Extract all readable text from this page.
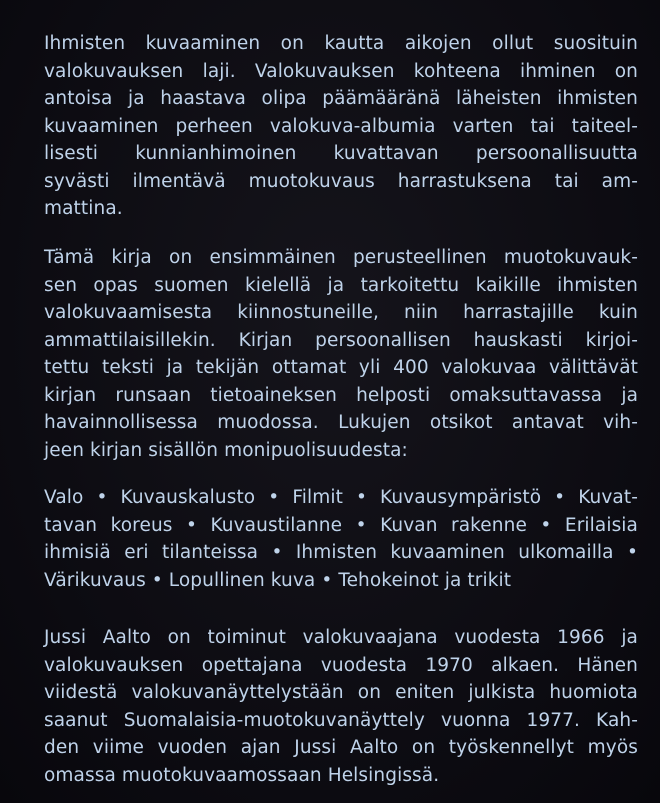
Ihmisten kuvaaminen on kautta aikojen ollut suosituin
valokuvauksen laji. Valokuvauksen kohteena ihminen on
antoisa ja haastava olipa päämääränä läheisten ihmisten
kuvaaminen perheen valokuva-albumia varten tai taiteel-
lisesti kunnianhimoinen kuvattavan persoonallisuutta
syvästi ilmentävä muotokuvaus harrastuksena tai am-
mattina.
Tämä kirja on ensimmäinen perusteellinen muotokuvauk-
sen opas suomen kielellä ja tarkoitettu kaikille ihmisten
valokuvaamisesta kiinnostuneille, niin harrastajille kuin
ammattilaisillekin. Kirjan persoonallisen hauskasti kirjoi-
tettu teksti ja tekijän ottamat yli 400 valokuvaa välittävät
kirjan runsaan tietoaineksen helposti omaksuttavassa ja
havainnollisessa muodossa. Lukujen otsikot antavat vih-
jeen kirjan sisällön monipuolisuudesta:
Valo • Kuvauskalusto • Filmit • Kuvausympäristö • Kuvat-
tavan koreus • Kuvaustilanne • Kuvan rakenne • Erilaisia
ihmisiä eri tilanteissa • Ihmisten kuvaaminen ulkomailla •
Värikuvaus • Lopullinen kuva • Tehokeinot ja trikit
Jussi Aalto on toiminut valokuvaajana vuodesta 1966 ja
valokuvauksen opettajana vuodesta 1970 alkaen. Hänen
viidestä valokuvanäyttelystään on eniten julkista huomiota
saanut Suomalaisia-muotokuvanäyttely vuonna 1977. Kah-
den viime vuoden ajan Jussi Aalto on työskennellyt myös
omassa muotokuvaamossaan Helsingissä.
